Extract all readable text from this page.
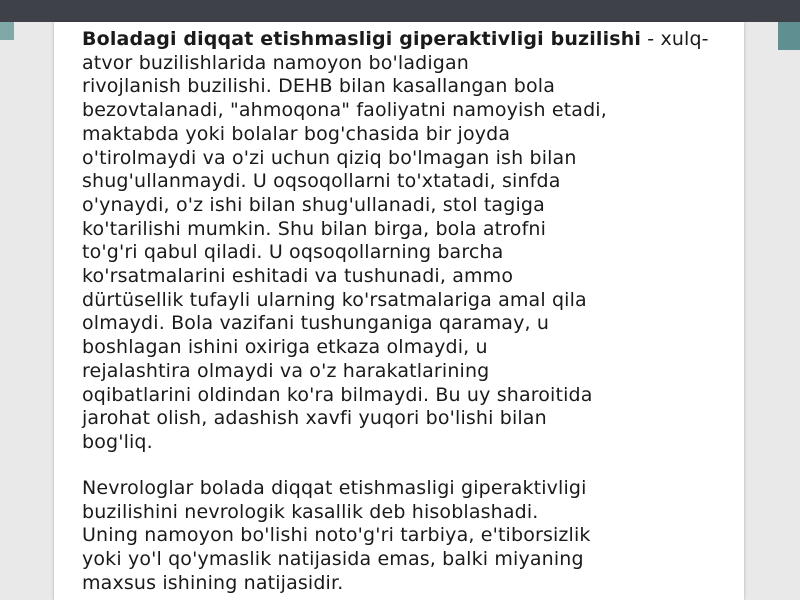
Boladagi diqqat etishmasligi giperaktivligi buzilishi - xulq-atvor buzilishlarida namoyon bo'ladigan
rivojlanish buzilishi. DEHB bilan kasallangan bola
bezovtalanadi, "ahmoqona" faoliyatni namoyish etadi,
maktabda yoki bolalar bog'chasida bir joyda
o'tirolmaydi va o'zi uchun qiziq bo'lmagan ish bilan
shug'ullanmaydi. U oqsoqollarni to'xtatadi, sinfda
o'ynaydi, o'z ishi bilan shug'ullanadi, stol tagiga
ko'tarilishi mumkin. Shu bilan birga, bola atrofni
to'g'ri qabul qiladi. U oqsoqollarning barcha
ko'rsatmalarini eshitadi va tushunadi, ammo
dürtüsellik tufayli ularning ko'rsatmalariga amal qila
olmaydi. Bola vazifani tushunganiga qaramay, u
boshlagan ishini oxiriga etkaza olmaydi, u
rejalashtira olmaydi va o'z harakatlarining
oqibatlarini oldindan ko'ra bilmaydi. Bu uy sharoitida
jarohat olish, adashish xavfi yuqori bo'lishi bilan
bog'liq.

Nevrologlar bolada diqqat etishmasligi giperaktivligi
buzilishini nevrologik kasallik deb hisoblashadi.
Uning namoyon bo'lishi noto'g'ri tarbiya, e'tiborsizlik
yoki yo'l qo'ymaslik natijasida emas, balki miyaning
maxsus ishining natijasidir.
